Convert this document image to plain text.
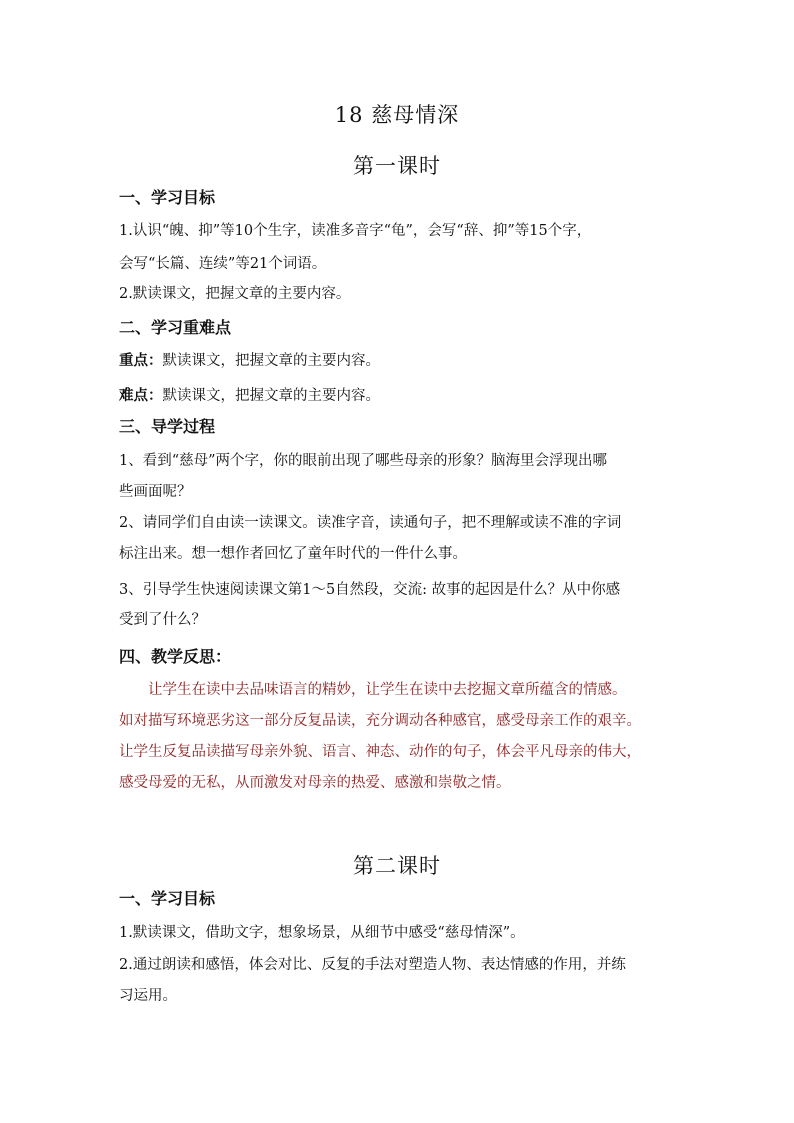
18 慈母情深
第一课时
一、学习目标
1.认识“魄、抑”等10个生字，读准多音字“龟”，会写“辞、抑”等15个字，
会写“长篇、连续”等21个词语。
2.默读课文，把握文章的主要内容。
二、学习重难点
重点：默读课文，把握文章的主要内容。
难点：默读课文，把握文章的主要内容。
三、导学过程
1、看到“慈母”两个字，你的眼前出现了哪些母亲的形象？脑海里会浮现出哪
些画面呢？
2、请同学们自由读一读课文。读准字音，读通句子，把不理解或读不准的字词
标注出来。想一想作者回忆了童年时代的一件什么事。
3、引导学生快速阅读课文第1～5自然段，交流: 故事的起因是什么？从中你感
受到了什么？
四、教学反思：
让学生在读中去品味语言的精妙，让学生在读中去挖掘文章所蕴含的情感。
如对描写环境恶劣这一部分反复品读，充分调动各种感官，感受母亲工作的艰辛。
让学生反复品读描写母亲外貌、语言、神态、动作的句子，体会平凡母亲的伟大，
感受母爱的无私，从而激发对母亲的热爱、感激和崇敬之情。
第二课时
一、学习目标
1.默读课文，借助文字，想象场景，从细节中感受“慈母情深”。
2.通过朗读和感悟，体会对比、反复的手法对塑造人物、表达情感的作用，并练
习运用。
